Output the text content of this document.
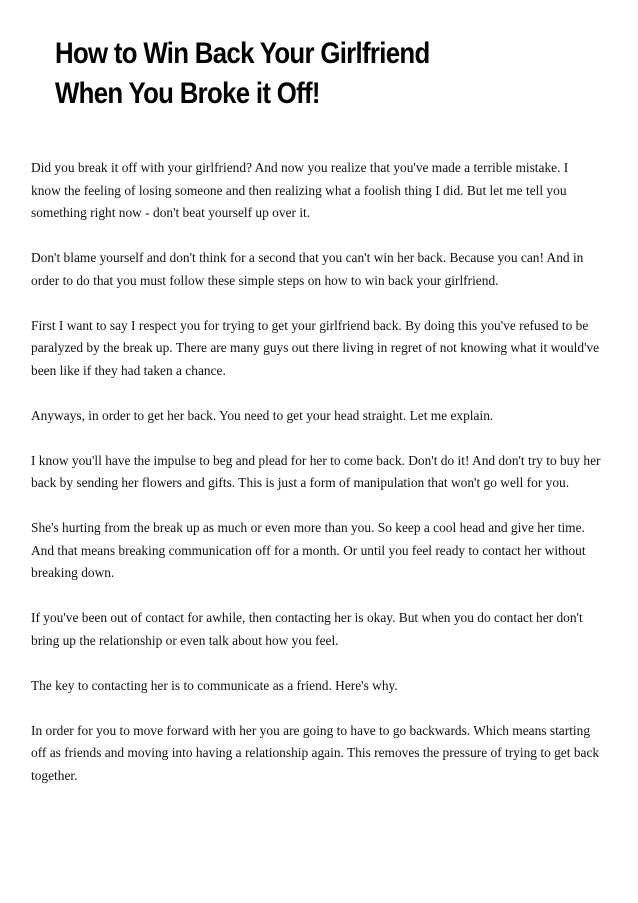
How to Win Back Your Girlfriend
When You Broke it Off!

Did you break it off with your girlfriend? And now you realize that you've made a terrible mistake. I know the feeling of losing someone and then realizing what a foolish thing I did. But let me tell you something right now - don't beat yourself up over it.

Don't blame yourself and don't think for a second that you can't win her back. Because you can! And in order to do that you must follow these simple steps on how to win back your girlfriend.

First I want to say I respect you for trying to get your girlfriend back. By doing this you've refused to be paralyzed by the break up. There are many guys out there living in regret of not knowing what it would've been like if they had taken a chance.

Anyways, in order to get her back. You need to get your head straight. Let me explain.

I know you'll have the impulse to beg and plead for her to come back. Don't do it! And don't try to buy her back by sending her flowers and gifts. This is just a form of manipulation that won't go well for you.

She's hurting from the break up as much or even more than you. So keep a cool head and give her time. And that means breaking communication off for a month. Or until you feel ready to contact her without breaking down.

If you've been out of contact for awhile, then contacting her is okay. But when you do contact her don't bring up the relationship or even talk about how you feel.

The key to contacting her is to communicate as a friend. Here's why.

In order for you to move forward with her you are going to have to go backwards. Which means starting off as friends and moving into having a relationship again. This removes the pressure of trying to get back together.
